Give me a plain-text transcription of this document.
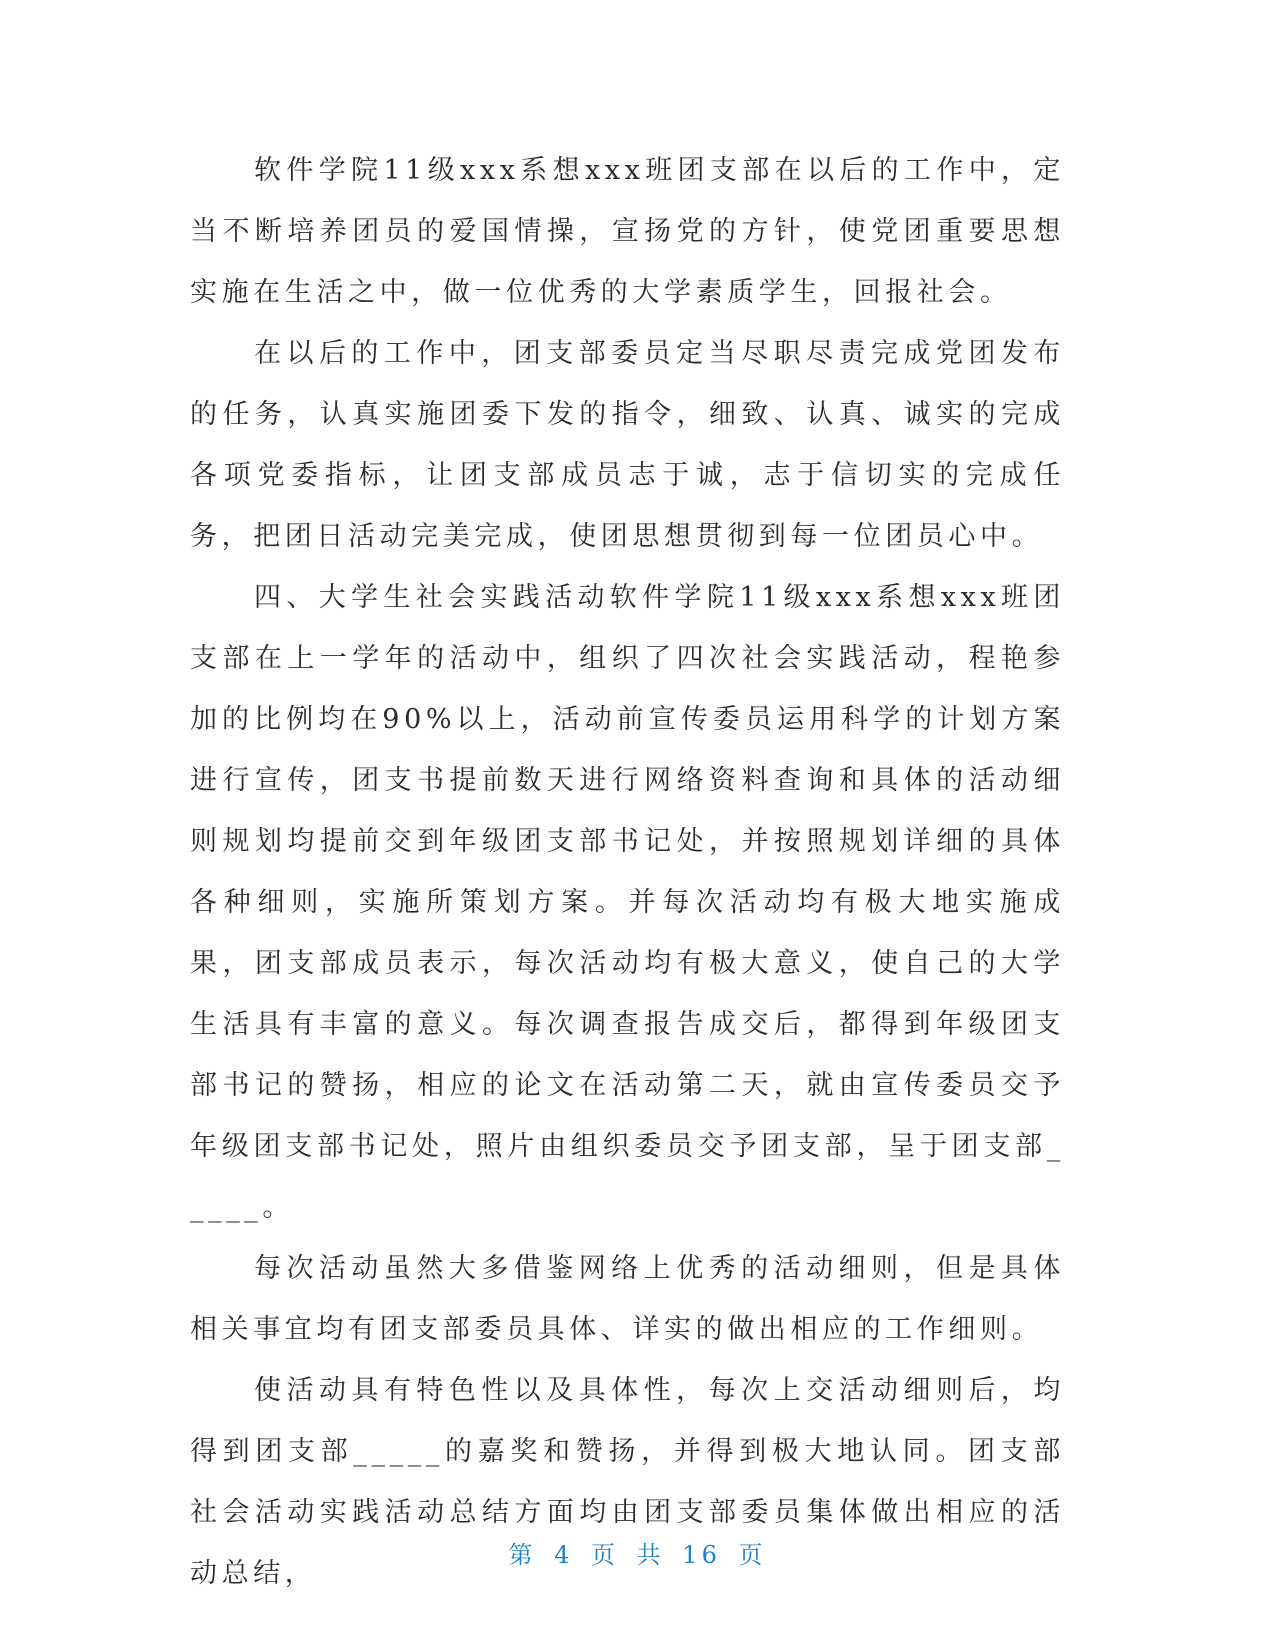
软件学院11级xxx系想xxx班团支部在以后的工作中，定当不断培养团员的爱国情操，宣扬党的方针，使党团重要思想实施在生活之中，做一位优秀的大学素质学生，回报社会。

在以后的工作中，团支部委员定当尽职尽责完成党团发布的任务，认真实施团委下发的指令，细致、认真、诚实的完成各项党委指标，让团支部成员志于诚，志于信切实的完成任务，把团日活动完美完成，使团思想贯彻到每一位团员心中。

四、大学生社会实践活动软件学院11级xxx系想xxx班团支部在上一学年的活动中，组织了四次社会实践活动，程艳参加的比例均在90%以上，活动前宣传委员运用科学的计划方案进行宣传，团支书提前数天进行网络资料查询和具体的活动细则规划均提前交到年级团支部书记处，并按照规划详细的具体各种细则，实施所策划方案。并每次活动均有极大地实施成果，团支部成员表示，每次活动均有极大意义，使自己的大学生活具有丰富的意义。每次调查报告成交后，都得到年级团支部书记的赞扬，相应的论文在活动第二天，就由宣传委员交予年级团支部书记处，照片由组织委员交予团支部，呈于团支部_____。

每次活动虽然大多借鉴网络上优秀的活动细则，但是具体相关事宜均有团支部委员具体、详实的做出相应的工作细则。

使活动具有特色性以及具体性，每次上交活动细则后，均得到团支部_____的嘉奖和赞扬，并得到极大地认同。团支部社会活动实践活动总结方面均由团支部委员集体做出相应的活动总结，

第 4 页 共 16 页
